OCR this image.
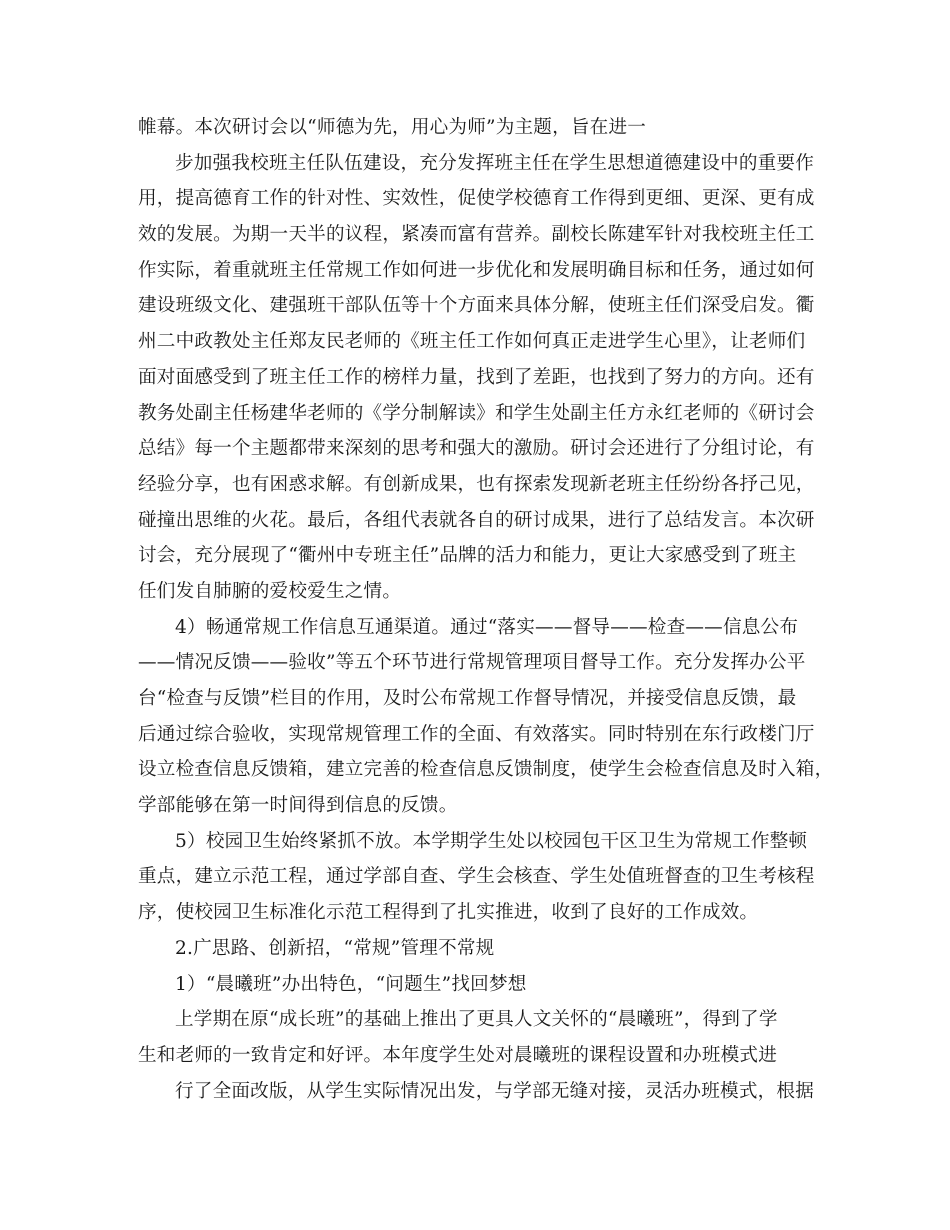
帷幕。本次研讨会以“师德为先，用心为师”为主题，旨在进一
步加强我校班主任队伍建设，充分发挥班主任在学生思想道德建设中的重要作
用，提高德育工作的针对性、实效性，促使学校德育工作得到更细、更深、更有成
效的发展。为期一天半的议程，紧凑而富有营养。副校长陈建军针对我校班主任工
作实际，着重就班主任常规工作如何进一步优化和发展明确目标和任务，通过如何
建设班级文化、建强班干部队伍等十个方面来具体分解，使班主任们深受启发。衢
州二中政教处主任郑友民老师的《班主任工作如何真正走进学生心里》，让老师们
面对面感受到了班主任工作的榜样力量，找到了差距，也找到了努力的方向。还有
教务处副主任杨建华老师的《学分制解读》和学生处副主任方永红老师的《研讨会
总结》每一个主题都带来深刻的思考和强大的激励。研讨会还进行了分组讨论，有
经验分享，也有困惑求解。有创新成果，也有探索发现新老班主任纷纷各抒己见，
碰撞出思维的火花。最后，各组代表就各自的研讨成果，进行了总结发言。本次研
讨会，充分展现了“衢州中专班主任”品牌的活力和能力，更让大家感受到了班主
任们发自肺腑的爱校爱生之情。
4）畅通常规工作信息互通渠道。通过“落实——督导——检查——信息公布
——情况反馈——验收”等五个环节进行常规管理项目督导工作。充分发挥办公平
台“检查与反馈”栏目的作用，及时公布常规工作督导情况，并接受信息反馈，最
后通过综合验收，实现常规管理工作的全面、有效落实。同时特别在东行政楼门厅
设立检查信息反馈箱，建立完善的检查信息反馈制度，使学生会检查信息及时入箱，
学部能够在第一时间得到信息的反馈。
5）校园卫生始终紧抓不放。本学期学生处以校园包干区卫生为常规工作整顿
重点，建立示范工程，通过学部自查、学生会核查、学生处值班督查的卫生考核程
序，使校园卫生标准化示范工程得到了扎实推进，收到了良好的工作成效。
2.广思路、创新招，“常规”管理不常规
1）“晨曦班”办出特色，“问题生”找回梦想
上学期在原“成长班”的基础上推出了更具人文关怀的“晨曦班”，得到了学
生和老师的一致肯定和好评。本年度学生处对晨曦班的课程设置和办班模式进
行了全面改版，从学生实际情况出发，与学部无缝对接，灵活办班模式，根据
